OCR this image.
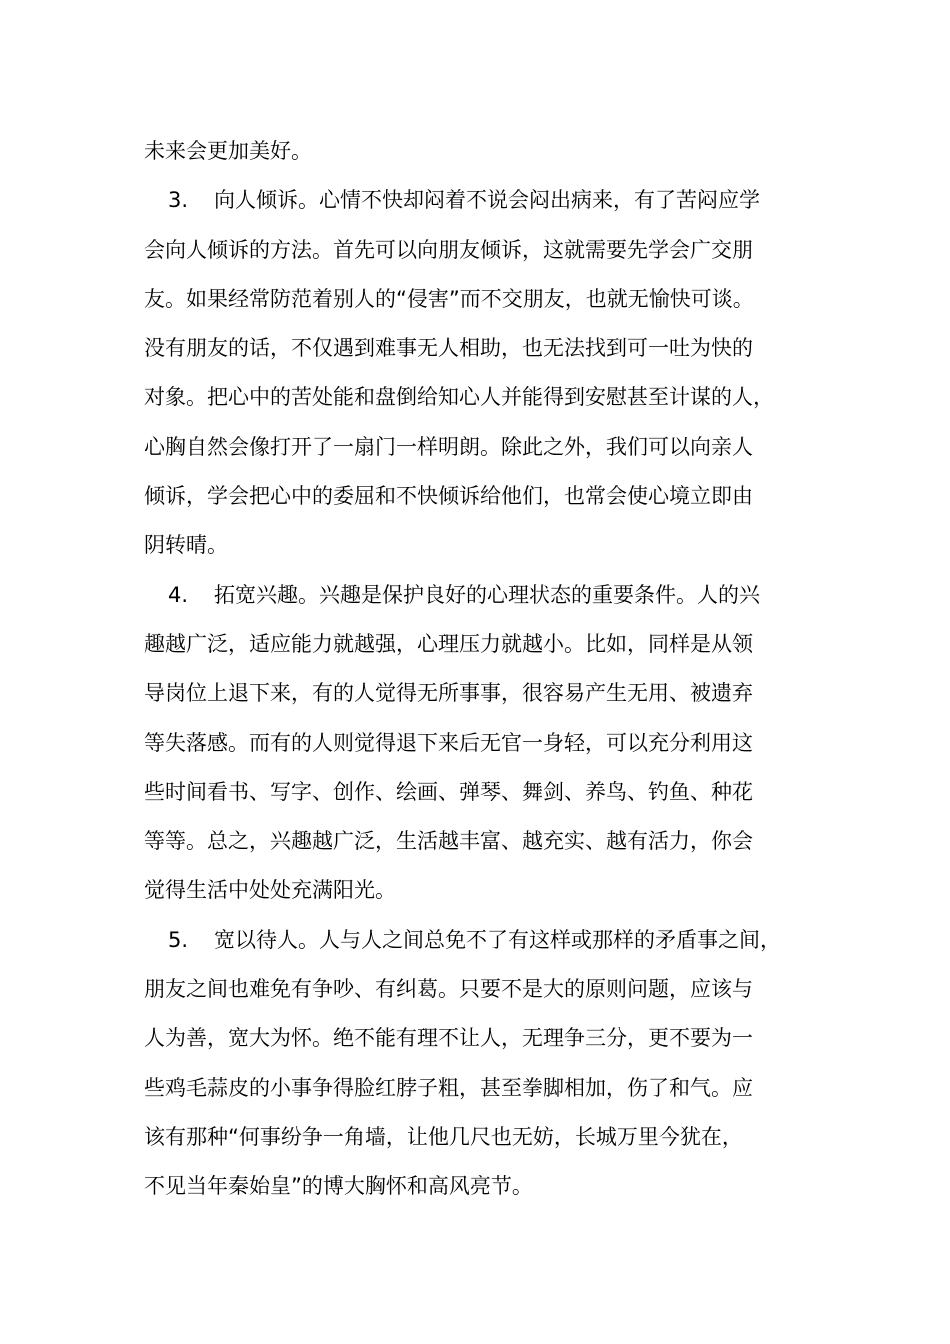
未来会更加美好。
3. 向人倾诉。心情不快却闷着不说会闷出病来，有了苦闷应学
会向人倾诉的方法。首先可以向朋友倾诉，这就需要先学会广交朋
友。如果经常防范着别人的“侵害”而不交朋友，也就无愉快可谈。
没有朋友的话，不仅遇到难事无人相助，也无法找到可一吐为快的
对象。把心中的苦处能和盘倒给知心人并能得到安慰甚至计谋的人，
心胸自然会像打开了一扇门一样明朗。除此之外，我们可以向亲人
倾诉，学会把心中的委屈和不快倾诉给他们，也常会使心境立即由
阴转晴。
4. 拓宽兴趣。兴趣是保护良好的心理状态的重要条件。人的兴
趣越广泛，适应能力就越强，心理压力就越小。比如，同样是从领
导岗位上退下来，有的人觉得无所事事，很容易产生无用、被遗弃
等失落感。而有的人则觉得退下来后无官一身轻，可以充分利用这
些时间看书、写字、创作、绘画、弹琴、舞剑、养鸟、钓鱼、种花
等等。总之，兴趣越广泛，生活越丰富、越充实、越有活力，你会
觉得生活中处处充满阳光。
5. 宽以待人。人与人之间总免不了有这样或那样的矛盾事之间，
朋友之间也难免有争吵、有纠葛。只要不是大的原则问题，应该与
人为善，宽大为怀。绝不能有理不让人，无理争三分，更不要为一
些鸡毛蒜皮的小事争得脸红脖子粗，甚至拳脚相加，伤了和气。应
该有那种“何事纷争一角墙，让他几尺也无妨，长城万里今犹在，
不见当年秦始皇”的博大胸怀和高风亮节。
